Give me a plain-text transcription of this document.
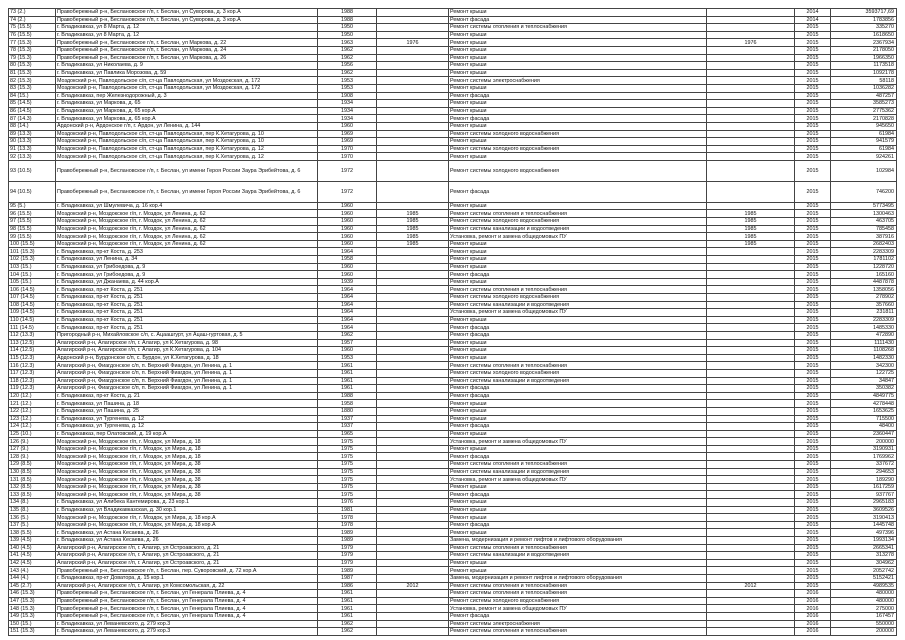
73 (2.)	Правобережный р-н, Беслановское г/п, г. Беслан, ул Суворова, д. 3 кор.А	1988		Ремонт крыши		2014	3593717,69
74 (2.)	Правобережный р-н, Беслановское г/п, г. Беслан, ул Суворова, д. 3 кор.А	1988		Ремонт фасада		2014	1783856
75 (15.5)	г. Владикавказ, ул 8 Марта, д. 12	1950		Ремонт системы отопления и теплоснабжения		2015	335270
76 (15.5)	г. Владикавказ, ул 8 Марта, д. 12	1950		Ремонт крыши		2015	1618650
77 (15.3)	Правобережный р-н, Беслановское г/п, г. Беслан, ул Маркова, д. 22	1963	1976	Ремонт крыши	1976	2015	2367934
78 (15.3)	Правобережный р-н, Беслановское г/п, г. Беслан, ул Маркова, д. 24	1962		Ремонт крыши		2015	2178050
79 (15.3)	Правобережный р-н, Беслановское г/п, г. Беслан, ул Маркова, д. 26	1962		Ремонт крыши		2015	1966350
80 (15.3)	г. Владикавказ, ул Николаева, д. 9	1956		Ремонт крыши		2015	1173518
81 (15.3)	г. Владикавказ, ул Павлика Морозова, д. 59	1962		Ремонт крыши		2015	1092178
82 (15.3)	Моздокский р-н, Павлодольское с/п, ст-ца Павлодольская, ул Моздокская, д. 172	1953		Ремонт системы электроснабжения		2015	58118
83 (15.3)	Моздокский р-н, Павлодольское с/п, ст-ца Павлодольская, ул Моздокская, д. 172	1953		Ремонт крыши		2015	1036282
84 (15.)	г. Владикавказ, пер Железнодорожный, д. 3	1908		Ремонт фасада		2015	487257
85 (14.5)	г. Владикавказ, ул Маркова, д. 65	1934		Ремонт крыши		2015	3585273
86 (14.5)	г. Владикавказ, ул Маркова, д. 65 кор.А	1934		Ремонт крыши		2015	2775362
87 (14.3)	г. Владикавказ, ул Маркова, д. 65 кор.А	1934		Ремонт фасада		2015	2170828
88 (14.)	Ардонский р-н, Ардонское г/п, г. Ардон, ул Ленина, д. 144	1960		Ремонт крыши		2015	945650
89 (13.3)	Моздокский р-н, Павлодольское с/п, ст-ца Павлодольская, пер К.Хетагурова, д. 10	1969		Ремонт системы холодного водоснабжения		2015	61984
90 (13.3)	Моздокский р-н, Павлодольское с/п, ст-ца Павлодольская, пер К.Хетагурова, д. 10	1969		Ремонт крыши		2015	941579
91 (13.3)	Моздокский р-н, Павлодольское с/п, ст-ца Павлодольская, пер К.Хетагурова, д. 12	1970		Ремонт системы холодного водоснабжения		2015	61984
92 (13.3)	Моздокский р-н, Павлодольское с/п, ст-ца Павлодольская, пер К.Хетагурова, д. 12	1970		Ремонт крыши		2015	924261
93 (10.5)	Правобережный р-н, Беслановское г/п, г. Беслан, ул имени Героя России Заура Эрибейтова, д. 6	1972		Ремонт системы холодного водоснабжения		2015	102984
94 (10.5)	Правобережный р-н, Беслановское г/п, г. Беслан, ул имени Героя России Заура Эрибейтова, д. 6	1972		Ремонт фасада		2015	746200
95 (5.)	г. Владикавказ, ул Шмулевича, д. 16 кор.4	1960		Ремонт крыши		2015	5773495
96 (15.5)	Моздокский р-н, Моздокское г/п, г. Моздок, ул Ленина, д. 62	1960	1985	Ремонт системы отопления и теплоснабжения	1985	2015	1300463
97 (15.5)	Моздокский р-н, Моздокское г/п, г. Моздок, ул Ленина, д. 62	1960	1985	Ремонт системы холодного водоснабжения	1985	2015	463705
98 (15.5)	Моздокский р-н, Моздокское г/п, г. Моздок, ул Ленина, д. 62	1960	1985	Ремонт системы канализации и водоотведения	1985	2015	785458
99 (15.5)	Моздокский р-н, Моздокское г/п, г. Моздок, ул Ленина, д. 62	1960	1985	Установка, ремонт и замена общедомовых ПУ	1985	2015	387916
100 (15.5)	Моздокский р-н, Моздокское г/п, г. Моздок, ул Ленина, д. 62	1960	1985	Ремонт крыши	1985	2015	2682403
101 (15.3)	г. Владикавказ, пр-кт Коста, д. 253	1964		Ремонт крыши		2015	2283309
102 (15.3)	г. Владикавказ, ул Ленина, д. 34	1958		Ремонт крыши		2015	1781102
103 (15.)	г. Владикавказ, ул Грибоедова, д. 9	1960		Ремонт крыши		2015	1228720
104 (15.)	г. Владикавказ, ул Грибоедова, д. 9	1960		Ремонт фасада		2015	165160
105 (15.)	г. Владикавказ, ул Джанаева, д. 44 кор.А	1939		Ремонт крыши		2015	4487878
106 (14.5)	г. Владикавказ, пр-кт Коста, д. 251	1964		Ремонт системы отопления и теплоснабжения		2015	1358056
107 (14.5)	г. Владикавказ, пр-кт Коста, д. 251	1964		Ремонт системы холодного водоснабжения		2015	278902
108 (14.5)	г. Владикавказ, пр-кт Коста, д. 251	1964		Ремонт системы канализации и водоотведения		2015	357660
109 (14.5)	г. Владикавказ, пр-кт Коста, д. 251	1964		Установка, ремонт и замена общедомовых ПУ		2015	231811
110 (14.5)	г. Владикавказ, пр-кт Коста, д. 251	1964		Ремонт крыши		2015	2283309
111 (14.5)	г. Владикавказ, пр-кт Коста, д. 251	1964		Ремонт фасада		2015	1485330
112 (13.3)	Пригородный р-н, Михайловское с/п, с. Ацаашгурт, ул Ацаш-гуртовая, д. 5	1962		Ремонт фасада		2015	472890
113 (12.5)	Алагирский р-н, Алагирское г/п, г. Алагир, ул К.Хетагурова, д. 98	1957		Ремонт крыши		2015	1111430
114 (12.5)	Алагирский р-н, Алагирское г/п, г. Алагир, ул К.Хетагурова, д. 104	1960		Ремонт крыши		2015	1108268
115 (12.3)	Ардонский р-н, Бурдонское с/п, с. Бурдон, ул К.Хетагурова, д. 18	1953		Ремонт крыши		2015	1482330
116 (12.3)	Алагирский р-н, Фиагдонское с/п, п. Верхний Фиагдон, ул Ленина, д. 1	1961		Ремонт системы отопления и теплоснабжения		2015	342300
117 (12.3)	Алагирский р-н, Фиагдонское с/п, п. Верхний Фиагдон, ул Ленина, д. 1	1961		Ремонт системы холодного водоснабжения		2015	122725
118 (12.3)	Алагирский р-н, Фиагдонское с/п, п. Верхний Фиагдон, ул Ленина, д. 1	1961		Ремонт системы канализации и водоотведения		2015	34847
119 (12.3)	Алагирский р-н, Фиагдонское с/п, п. Верхний Фиагдон, ул Ленина, д. 1	1961		Ремонт фасада		2015	350382
120 (12.)	г. Владикавказ, пр-кт Коста, д. 21	1988		Ремонт фасада		2015	4849775
121 (12.)	г. Владикавказ, ул Пашина, д. 18	1958		Ремонт крыши		2015	4278448
122 (12.)	г. Владикавказ, ул Пашина, д. 25	1880		Ремонт крыши		2015	1653625
123 (12.)	г. Владикавказ, ул Тургенева, д. 12	1937		Ремонт крыши		2015	715500
124 (12.)	г. Владикавказ, ул Тургенева, д. 12	1937		Ремонт фасада		2015	48400
125 (10.)	г. Владикавказ, пер Олатовский, д. 19 кор.А	1965		Ремонт крыши		2015	2360447
126 (9.)	Моздокский р-н, Моздокское г/п, г. Моздок, ул Мира, д. 18	1975		Установка, ремонт и замена общедомовых ПУ		2015	200000
127 (9.)	Моздокский р-н, Моздокское г/п, г. Моздок, ул Мира, д. 18	1975		Ремонт крыши		2015	3190931
128 (9.)	Моздокский р-н, Моздокское г/п, г. Моздок, ул Мира, д. 18	1975		Ремонт фасада		2015	1769962
129 (8.5)	Моздокский р-н, Моздокское г/п, г. Моздок, ул Мира, д. 38	1975		Ремонт системы отопления и теплоснабжения		2015	337672
130 (8.5)	Моздокский р-н, Моздокское г/п, г. Моздок, ул Мира, д. 38	1975		Ремонт системы канализации и водоотведения		2015	294653
131 (8.5)	Моздокский р-н, Моздокское г/п, г. Моздок, ул Мира, д. 38	1975		Установка, ремонт и замена общедомовых ПУ		2015	189290
132 (8.5)	Моздокский р-н, Моздокское г/п, г. Моздок, ул Мира, д. 38	1975		Ремонт крыши		2015	1617259
133 (8.5)	Моздокский р-н, Моздокское г/п, г. Моздок, ул Мира, д. 38	1975		Ремонт фасада		2015	937767
134 (8.)	г. Владикавказ, ул Алибека Кантемирова, д. 23 кор.1	1976		Ремонт крыши		2015	2965183
135 (8.)	г. Владикавказ, ул Владикавказская, д. 30 кор.1	1981		Ремонт крыши		2015	3609526
136 (5.)	Моздокский р-н, Моздокское г/п, г. Моздок, ул Мира, д. 18 кор.А	1978		Ремонт крыши		2015	3190413
137 (5.)	Моздокский р-н, Моздокское г/п, г. Моздок, ул Мира, д. 18 кор.А	1978		Ремонт фасада		2015	1445748
138 (5.5)	г. Владикавказ, ул Астана Кесаева, д. 26	1989		Ремонт крыши		2015	497396
139 (4.5)	г. Владикавказ, ул Астана Кесаева, д. 26	1989		Замена, модернизация и ремонт лифтов и лифтового оборудования		2015	1993134
140 (4.5)	Алагирский р-н, Алагирское г/п, г. Алагир, ул Остроавского, д. 21	1979		Ремонт системы отопления и теплоснабжения		2015	2665341
141 (4.5)	Алагирский р-н, Алагирское г/п, г. Алагир, ул Остроавского, д. 21	1979		Ремонт системы канализации и водоотведения		2015	313278
142 (4.5)	Алагирский р-н, Алагирское г/п, г. Алагир, ул Остроавского, д. 21	1979		Ремонт крыши		2015	304962
143 (4.)	Правобережный р-н, Беслановское г/п, г. Беслан, пер. Суворовский, д. 72 кор.А	1989		Ремонт крыши		2015	2052742
144 (4.)	г. Владикавказ, пр-кт Доватора, д. 15 кор.1	1987		Замена, модернизация и ремонт лифтов и лифтового оборудования		2015	5152421
145 (2.7)	Алагирский р-н, Алагирское г/п, г. Алагир, ул Комсомольская, д. 22	1986	2012	Ремонт системы отопления и теплоснабжения	2012	2015	4989535
146 (15.3)	Правобережный р-н, Беслановское г/п, г. Беслан, ул Генерала Плиева, д. 4	1961		Ремонт системы отопления и теплоснабжения		2016	480000
147 (15.3)	Правобережный р-н, Беслановское г/п, г. Беслан, ул Генерала Плиева, д. 4	1961		Ремонт системы холодного водоснабжения		2016	480000
148 (15.3)	Правобережный р-н, Беслановское г/п, г. Беслан, ул Генерала Плиева, д. 4	1961		Установка, ремонт и замена общедомовых ПУ		2016	275000
149 (15.3)	Правобережный р-н, Беслановское г/п, г. Беслан, ул Генерала Плиева, д. 4	1961		Ремонт фасада		2016	167457
150 (15.)	г. Владикавказ, ул Леваневского, д. 279 кор.3	1962		Ремонт системы электроснабжения		2016	550000
151 (15.3)	г. Владикавказ, ул Леваневского, д. 279 кор.3	1962		Ремонт системы отопления и теплоснабжения		2016	200000
